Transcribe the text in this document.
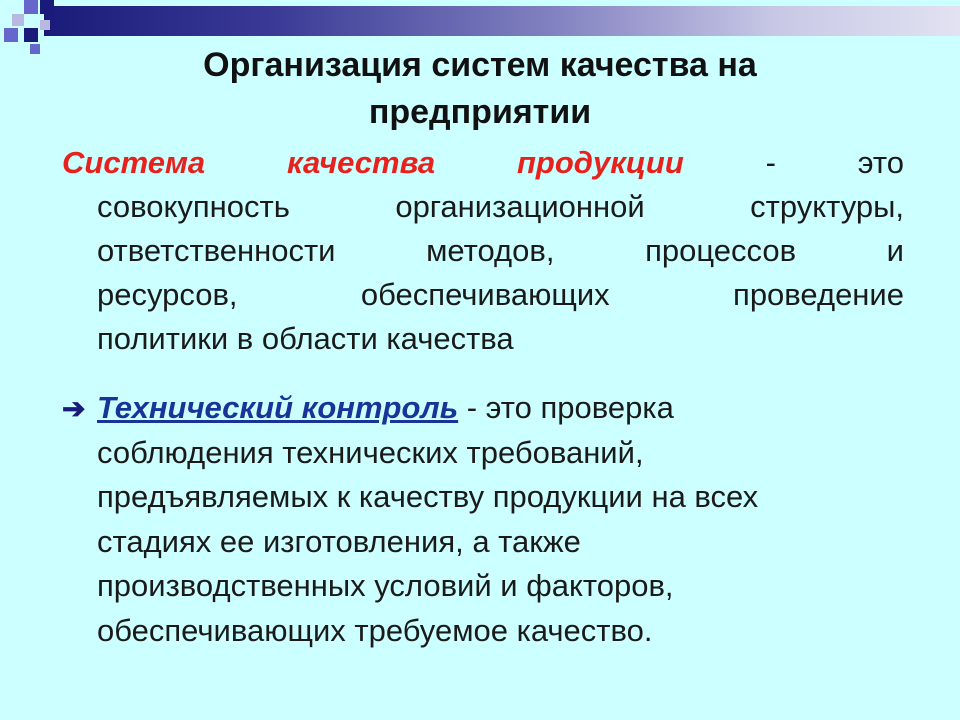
Организация систем качества на
предприятии
Система	качества	продукции	-	это
совокупность	организационной	структуры,
ответственности	методов,	процессов	и
ресурсов,	обеспечивающих	проведение
политики в области качества
➔ Технический контроль - это проверка
соблюдения технических требований,
предъявляемых к качеству продукции на всех
стадиях ее изготовления, а также
производственных условий и факторов,
обеспечивающих требуемое качество.
